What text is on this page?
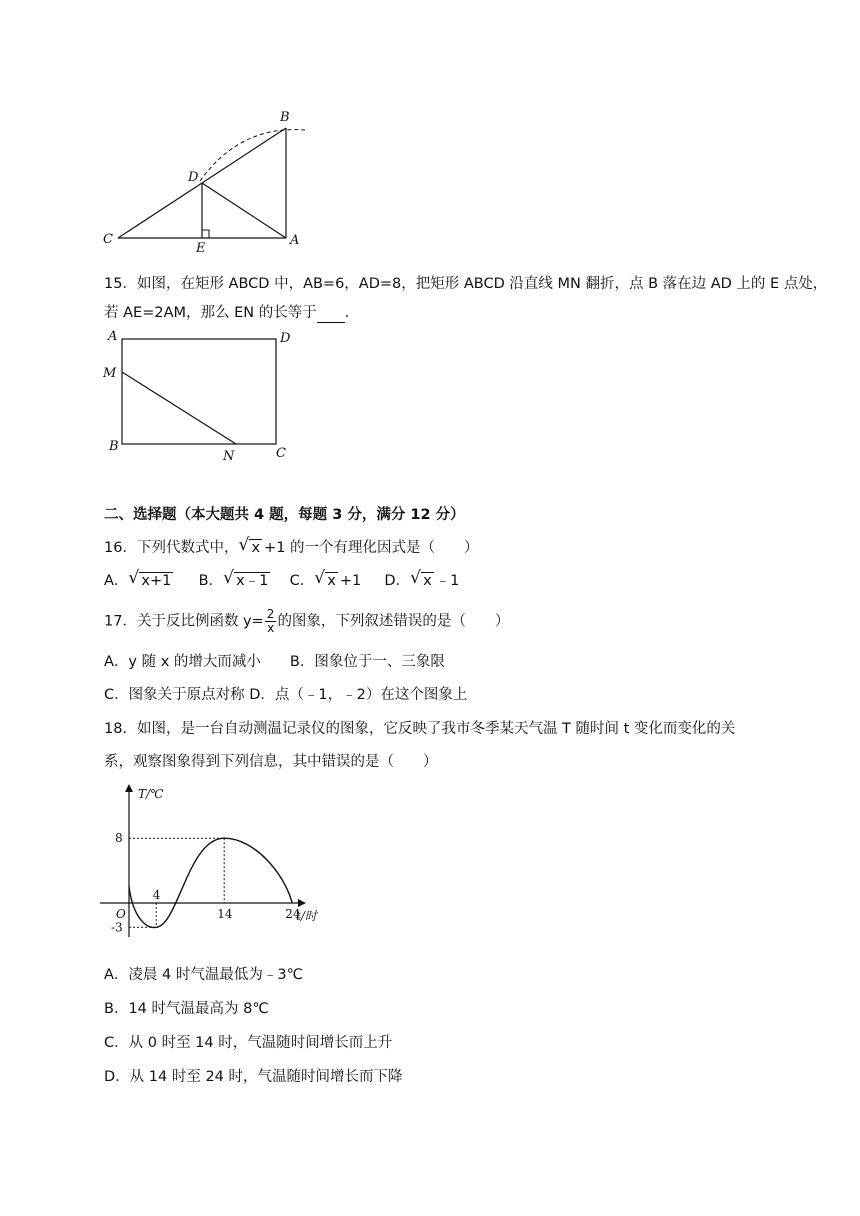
B
D
C
E
A
15．如图，在矩形 ABCD 中，AB=6，AD=8，把矩形 ABCD 沿直线 MN 翻折，点 B 落在边 AD 上的 E 点处，
若 AE=2AM，那么 EN 的长等于 ．
A	D
M
B
N	C
二、选择题（本大题共 4 题，每题 3 分，满分 12 分）
16．下列代数式中， √ x +1 的一个有理化因式是（　　）
A． √ x+1 B． √ x﹣1 C． √ x +1 D． √ x ﹣1
17．关于反比例函数 $y= \frac{2}{x}$ 的图象，下列叙述错误的是（　　）
A．y 随 x 的增大而减小　　B．图象位于一、三象限
C．图象关于原点对称 D．点（﹣1，﹣2）在这个图象上
18．如图，是一台自动测温记录仪的图象，它反映了我市冬季某天气温 T 随时间 t 变化而变化的关
系，观察图象得到下列信息，其中错误的是（　　）
T/℃
t/时
O
4
14	24
8
-3
A．凌晨 4 时气温最低为﹣3℃
B．14 时气温最高为 8℃
C．从 0 时至 14 时，气温随时间增长而上升
D．从 14 时至 24 时，气温随时间增长而下降
